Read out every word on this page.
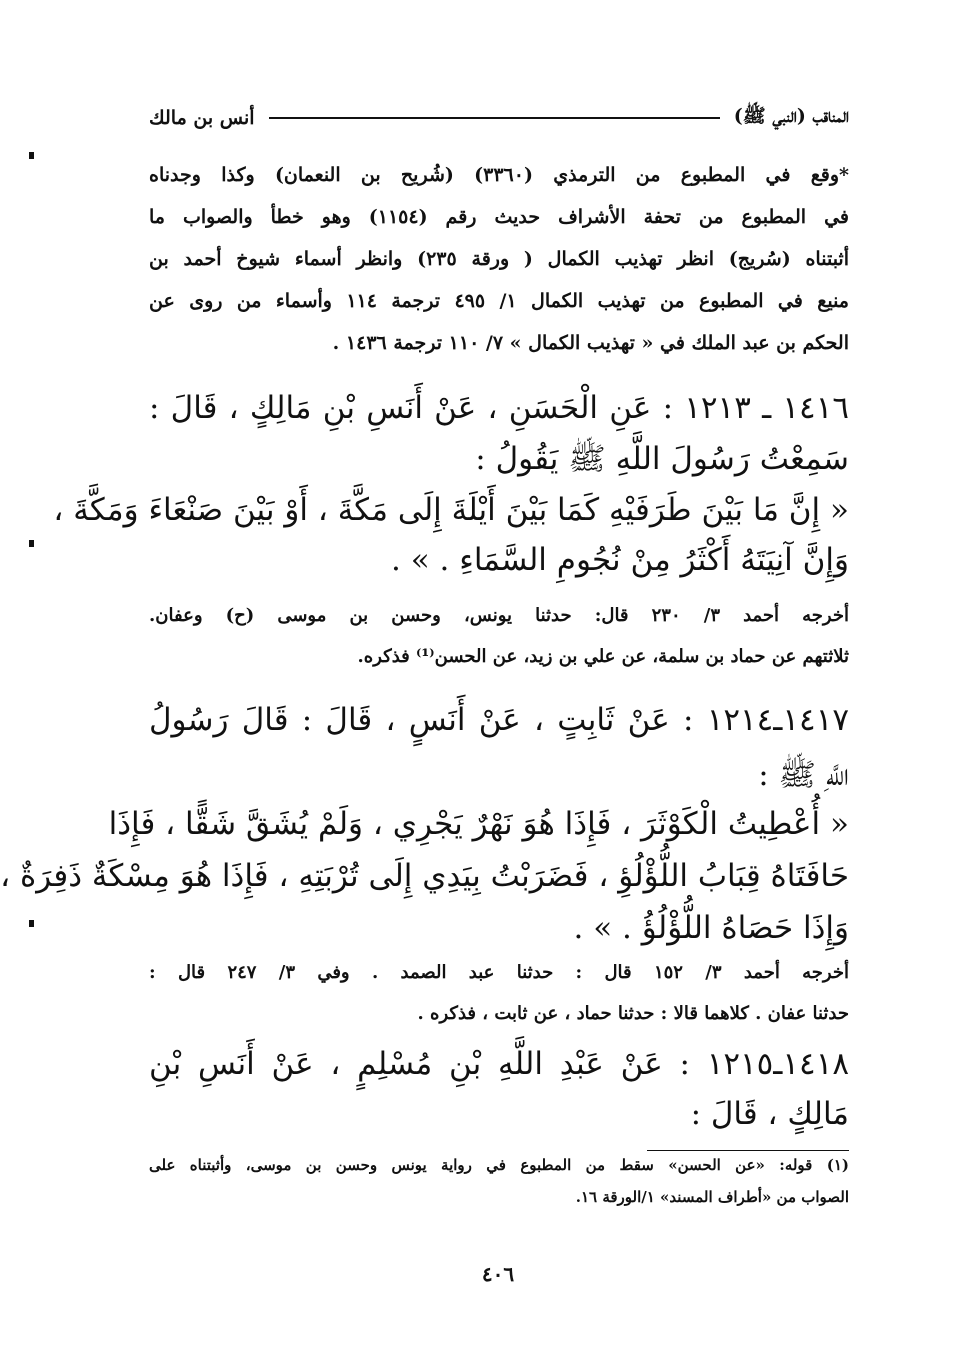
المناقب (النبي ﷺ)
أنس بن مالك
*وقع في المطبوع من الترمذي (٣٣٦٠) (شُريح بن النعمان) وكذا وجدناه
في المطبوع من تحفة الأشراف حديث رقم (١١٥٤) وهو خطأ والصواب ما
أثبتناه (سُريج) انظر تهذيب الكمال ( ورقة ٢٣٥) وانظر أسماء شيوخ أحمد بن
منيع في المطبوع من تهذيب الكمال ١/ ٤٩٥ ترجمة ١١٤ وأسماء من روى عن
الحكم بن عبد الملك في « تهذيب الكمال » ٧/ ١١٠ ترجمة ١٤٣٦ .
١٤١٦ ـ ١٢١٣ : عَنِ الْحَسَنِ ، عَنْ أَنَسِ بْنِ مَالِكٍ ، قَالَ :
سَمِعْتُ رَسُولَ اللَّهِ ﷺ يَقُولُ :
« إِنَّ مَا بَيْنَ طَرَفَيْهِ كَمَا بَيْنَ أَيْلَةَ إِلَى مَكَّةَ ، أَوْ بَيْنَ صَنْعَاءَ وَمَكَّةَ ،
وَإِنَّ آنِيَتَهُ أَكْثَرُ مِنْ نُجُومِ السَّمَاءِ . » .
أخرجه أحمد ٣/ ٢٣٠ قال: حدثنا يونس، وحسن بن موسى (ح) وعفان.
ثلاثتهم عن حماد بن سلمة، عن علي بن زيد، عن الحسن⁽¹⁾ فذكره.
١٤١٧ـ١٢١٤ : عَنْ ثَابِتٍ ، عَنْ أَنَسٍ ، قَالَ : قَالَ رَسُولُ
اللَّهِ ﷺ :
« أُعْطِيتُ الْكَوْثَرَ ، فَإِذَا هُوَ نَهْرٌ يَجْرِي ، وَلَمْ يُشَقَّ شَقًّا ، فَإِذَا
حَافَتَاهُ قِبَابُ اللُّؤْلُؤِ ، فَضَرَبْتُ بِيَدِي إِلَى تُرْبَتِهِ ، فَإِذَا هُوَ مِسْكَةٌ ذَفِرَةٌ ،
وَإِذَا حَصَاهُ اللُّؤْلُؤُ . » .
أخرجه أحمد ٣/ ١٥٢ قال : حدثنا عبد الصمد . وفي ٣/ ٢٤٧ قال :
حدثنا عفان . كلاهما قالا : حدثنا حماد ، عن ثابت ، فذكره .
١٤١٨ـ١٢١٥ : عَنْ عَبْدِ اللَّهِ بْنِ مُسْلِمٍ ، عَنْ أَنَسِ بْنِ
مَالِكٍ ، قَالَ :
(١) قوله: «عن الحسن» سقط من المطبوع في رواية يونس وحسن بن موسى، وأثبتناه على
الصواب من «أطراف المسند» ١/الورقة ١٦.
٤٠٦
